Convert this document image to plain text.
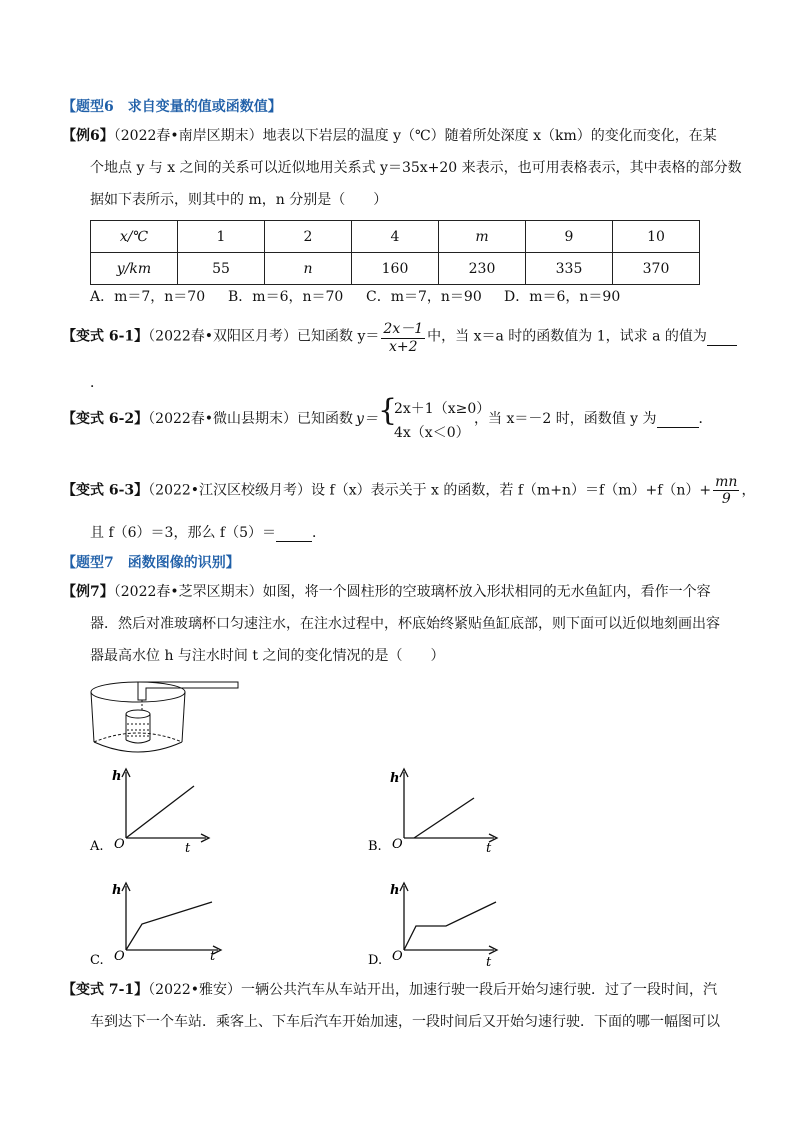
【题型6　求自变量的值或函数值】
【例6】（2022春•南岸区期末）地表以下岩层的温度 y（℃）随着所处深度 x（km）的变化而变化，在某
个地点 y 与 x 之间的关系可以近似地用关系式 y＝35x+20 来表示，也可用表格表示，其中表格的部分数
据如下表所示，则其中的 m，n 分别是（　　）
x/℃	1	2	4	m	9	10
y/km	55	n	160	230	335	370
A．m＝7，n＝70 B．m＝6，n＝70 C．m＝7，n＝90 D．m＝6，n＝90
【变式 6-1】（2022春•双阳区月考）已知函数 $y= \frac{2x-1}{x+2}$ 中，当 x＝a 时的函数值为 1，试求 a 的值为
．
【变式 6-2】（2022春•微山县期末）已知函数 y＝ {
2x＋1（x≥0）
4x（x＜0）
，当 x＝－2 时，函数值 y 为	．
【变式 6-3】（2022•江汉区校级月考）设 f（x）表示关于 x 的函数，若 $f(m+n)=f(m)+f(n)+ \frac{mn}{9}$ ，
且 f（6）＝3，那么 f（5）＝	．
【题型7　函数图像的识别】
【例7】（2022春•芝罘区期末）如图，将一个圆柱形的空玻璃杯放入形状相同的无水鱼缸内，看作一个容
器．然后对准玻璃杯口匀速注水，在注水过程中，杯底始终紧贴鱼缸底部，则下面可以近似地刻画出容
器最高水位 h 与注水时间 t 之间的变化情况的是（　　）
h
O	t
A.
h
O	t
B.
h
O	t
C.
h
O	t
D.
【变式 7-1】（2022•雅安）一辆公共汽车从车站开出，加速行驶一段后开始匀速行驶．过了一段时间，汽
车到达下一个车站．乘客上、下车后汽车开始加速，一段时间后又开始匀速行驶．下面的哪一幅图可以
